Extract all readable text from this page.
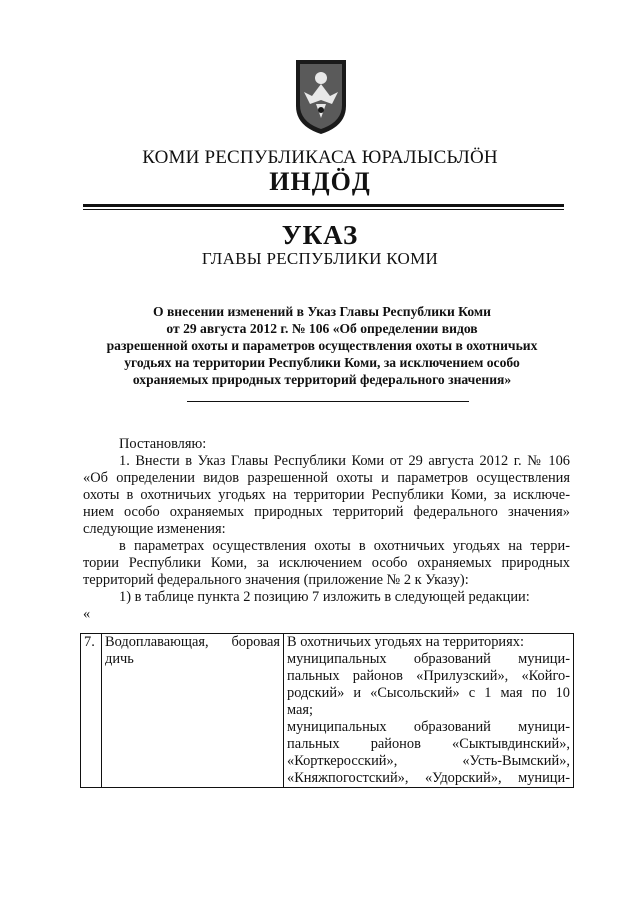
КОМИ РЕСПУБЛИКАСА ЮРАЛЫСЬЛÖН
ИНДÖД
УКАЗ
ГЛАВЫ РЕСПУБЛИКИ КОМИ
О внесении изменений в Указ Главы Республики Коми
от 29 августа 2012 г. № 106 «Об определении видов
разрешенной охоты и параметров осуществления охоты в охотничьих
угодьях на территории Республики Коми, за исключением особо
охраняемых природных территорий федерального значения»
Постановляю:
1. Внести в Указ Главы Республики Коми от 29 августа 2012 г. № 106
«Об определении видов разрешенной охоты и параметров осуществления
охоты в охотничьих угодьях на территории Республики Коми, за исключе-
нием особо охраняемых природных территорий федерального значения»
следующие изменения:
в параметрах осуществления охоты в охотничьих угодьях на терри-
тории Республики Коми, за исключением особо охраняемых природных
территорий федерального значения (приложение № 2 к Указу):
1) в таблице пункта 2 позицию 7 изложить в следующей редакции:
«
7.	Водоплавающая, боровая
дичь

В охотничьих угодьях на территориях:
муниципальных образований муници-
пальных районов «Прилузский», «Койго-
родский» и «Сысольский» с 1 мая по 10
мая;
муниципальных образований муници-
пальных районов «Сыктывдинский»,
«Корткеросский», «Усть-Вымский»,
«Княжпогостский», «Удорский», муници-
